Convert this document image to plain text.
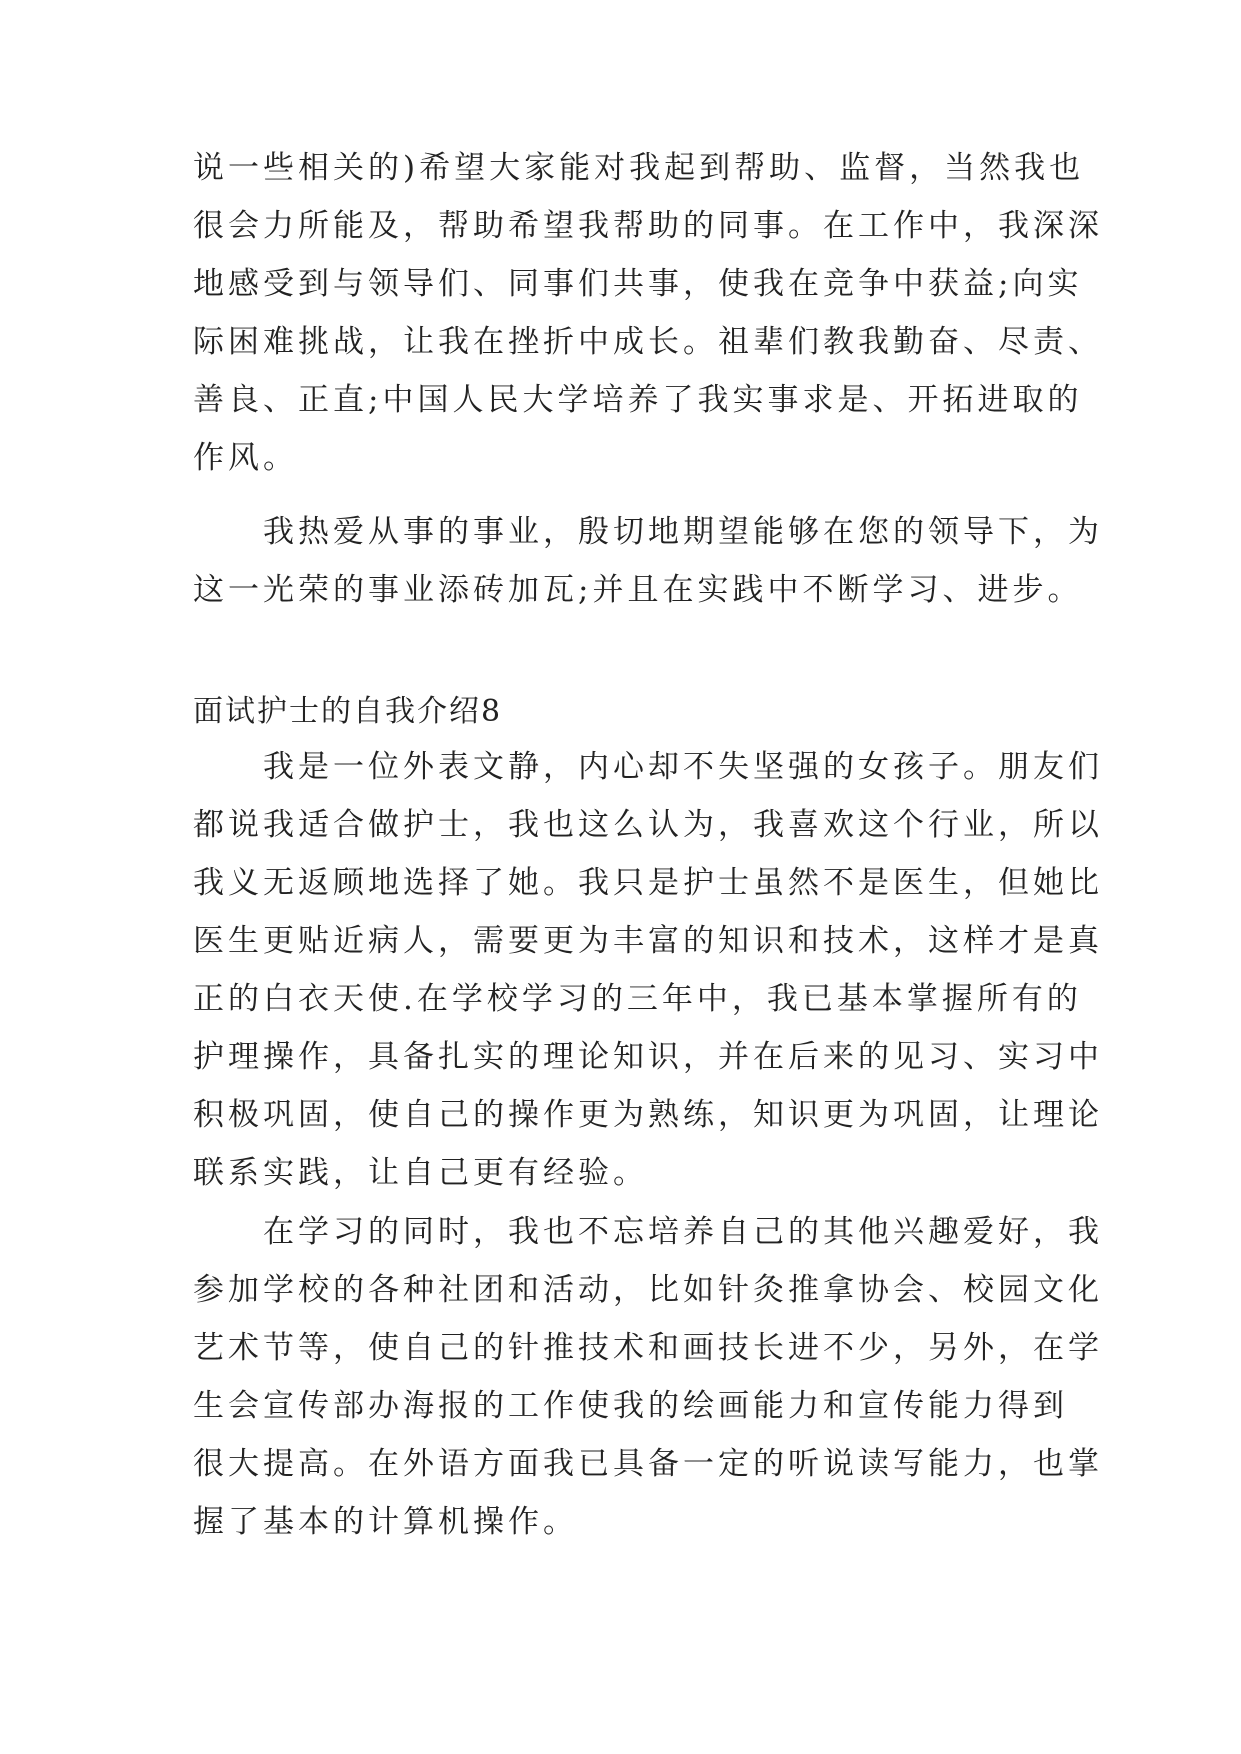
说一些相关的)希望大家能对我起到帮助、监督，当然我也
很会力所能及，帮助希望我帮助的同事。在工作中，我深深
地感受到与领导们、同事们共事，使我在竞争中获益;向实
际困难挑战，让我在挫折中成长。祖辈们教我勤奋、尽责、
善良、正直;中国人民大学培养了我实事求是、开拓进取的
作风。
　　我热爱从事的事业，殷切地期望能够在您的领导下，为
这一光荣的事业添砖加瓦;并且在实践中不断学习、进步。
面试护士的自我介绍8
　　我是一位外表文静，内心却不失坚强的女孩子。朋友们
都说我适合做护士，我也这么认为，我喜欢这个行业，所以
我义无返顾地选择了她。我只是护士虽然不是医生，但她比
医生更贴近病人，需要更为丰富的知识和技术，这样才是真
正的白衣天使.在学校学习的三年中，我已基本掌握所有的
护理操作，具备扎实的理论知识，并在后来的见习、实习中
积极巩固，使自己的操作更为熟练，知识更为巩固，让理论
联系实践，让自己更有经验。
　　在学习的同时，我也不忘培养自己的其他兴趣爱好，我
参加学校的各种社团和活动，比如针灸推拿协会、校园文化
艺术节等，使自己的针推技术和画技长进不少，另外，在学
生会宣传部办海报的工作使我的绘画能力和宣传能力得到
很大提高。在外语方面我已具备一定的听说读写能力，也掌
握了基本的计算机操作。
